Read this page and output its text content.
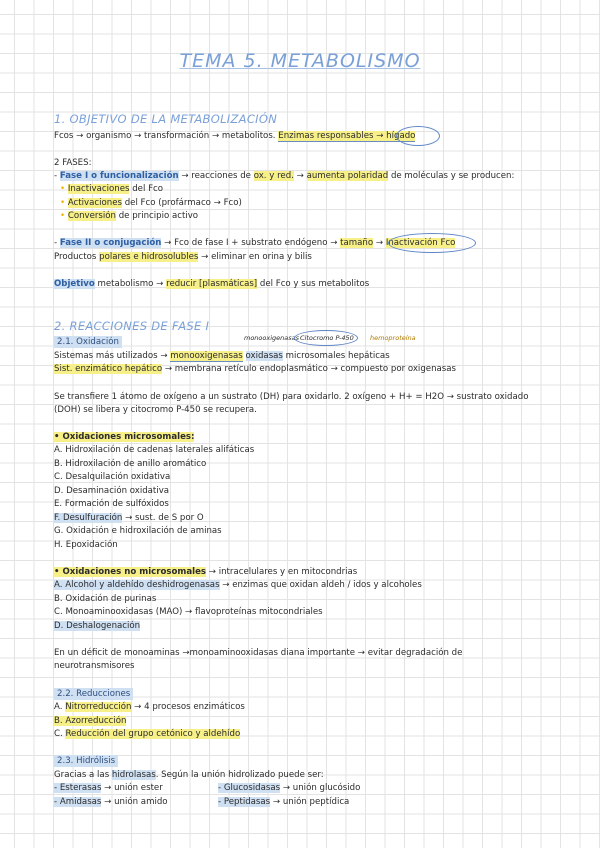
TEMA 5. METABOLISMO
1. OBJETIVO DE LA METABOLIZACIÓN
Fcos → organismo → transformación → metabolitos. Enzimas responsables → hígado
2 FASES:
- Fase I o funcionalización → reacciones de ox. y red. → aumenta polaridad de moléculas y se producen:
• Inactivaciones del Fco
• Activaciones del Fco (profármaco → Fco)
• Conversión de principio activo
- Fase II o conjugación → Fco de fase I + substrato endógeno → tamaño → Inactivación Fco
Productos polares e hidrosolubles → eliminar en orina y bilis
Objetivo metabolismo → reducir [plasmáticas] del Fco y sus metabolitos
2. REACCIONES DE FASE I
monooxigenasas Citocromo P-450 hemoproteína
2.1. Oxidación
Sistemas más utilizados → monooxigenasas oxidasas microsomales hepáticas
Sist. enzimático hepático → membrana retículo endoplasmático → compuesto por oxigenasas
Se transfiere 1 átomo de oxígeno a un sustrato (DH) para oxidarlo. 2 oxígeno + H+ = H2O → sustrato oxidado
(DOH) se libera y citocromo P-450 se recupera.
• Oxidaciones microsomales:
A. Hidroxilación de cadenas laterales alifáticas
B. Hidroxilación de anillo aromático
C. Desalquilación oxidativa
D. Desaminación oxidativa
E. Formación de sulfóxidos
F. Desulfuración → sust. de S por O
G. Oxidación e hidroxilación de aminas
H. Epoxidación
• Oxidaciones no microsomales → intracelulares y en mitocondrias
A. Alcohol y aldehído deshidrogenasas → enzimas que oxidan aldeh / idos y alcoholes
B. Oxidación de purinas
C. Monoaminooxidasas (MAO) → flavoproteínas mitocondriales
D. Deshalogenación
En un déficit de monoaminas →monoaminooxidasas diana importante → evitar degradación de
neurotransmisores
2.2. Reducciones
A. Nitrorreducción → 4 procesos enzimáticos
B. Azorreducción
C. Reducción del grupo cetónico y aldehído
2.3. Hidrólisis
Gracias a las hidrolasas. Según la unión hidrolizado puede ser:
- Esterasas → unión ester	- Glucosidasas → unión glucósido
- Amidasas → unión amido	- Peptidasas → unión peptídica
